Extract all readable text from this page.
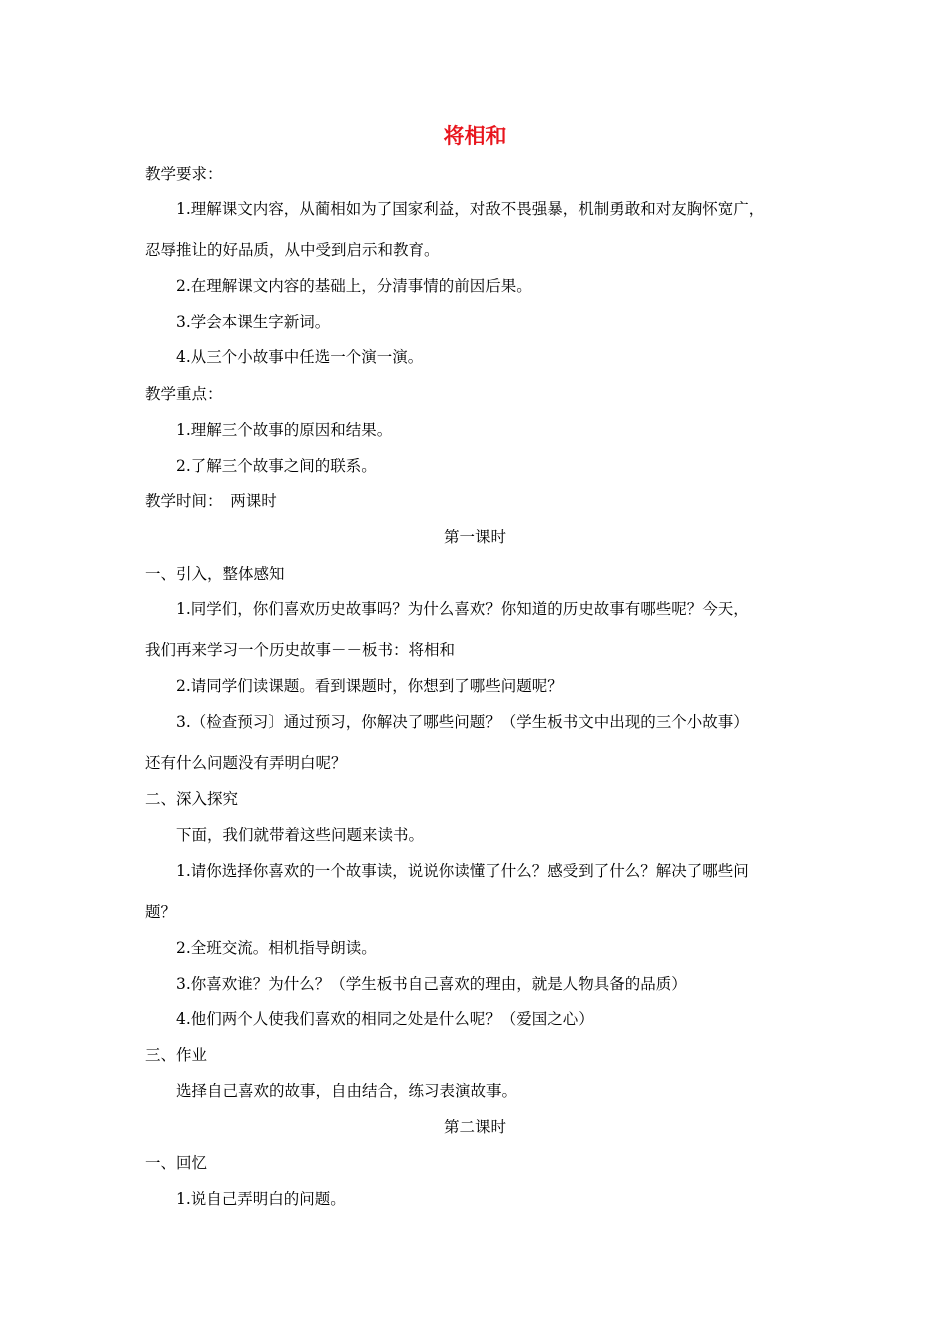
将相和
教学要求：
1.理解课文内容，从蔺相如为了国家利益，对敌不畏强暴，机制勇敢和对友胸怀宽广，
忍辱推让的好品质，从中受到启示和教育。
2.在理解课文内容的基础上，分清事情的前因后果。
3.学会本课生字新词。
4.从三个小故事中任选一个演一演。
教学重点：
1.理解三个故事的原因和结果。
2.了解三个故事之间的联系。
教学时间：　两课时
第一课时
一、引入，整体感知
1.同学们，你们喜欢历史故事吗？为什么喜欢？你知道的历史故事有哪些呢？今天，
我们再来学习一个历史故事－－板书：将相和
2.请同学们读课题。看到课题时，你想到了哪些问题呢？
3.（检查预习〕通过预习，你解决了哪些问题？（学生板书文中出现的三个小故事）
还有什么问题没有弄明白呢？
二、深入探究
下面，我们就带着这些问题来读书。
1.请你选择你喜欢的一个故事读，说说你读懂了什么？感受到了什么？解决了哪些问
题？
2.全班交流。相机指导朗读。
3.你喜欢谁？为什么？（学生板书自己喜欢的理由，就是人物具备的品质）
4.他们两个人使我们喜欢的相同之处是什么呢？（爱国之心）
三、作业
选择自己喜欢的故事，自由结合，练习表演故事。
第二课时
一、回忆
1.说自己弄明白的问题。
